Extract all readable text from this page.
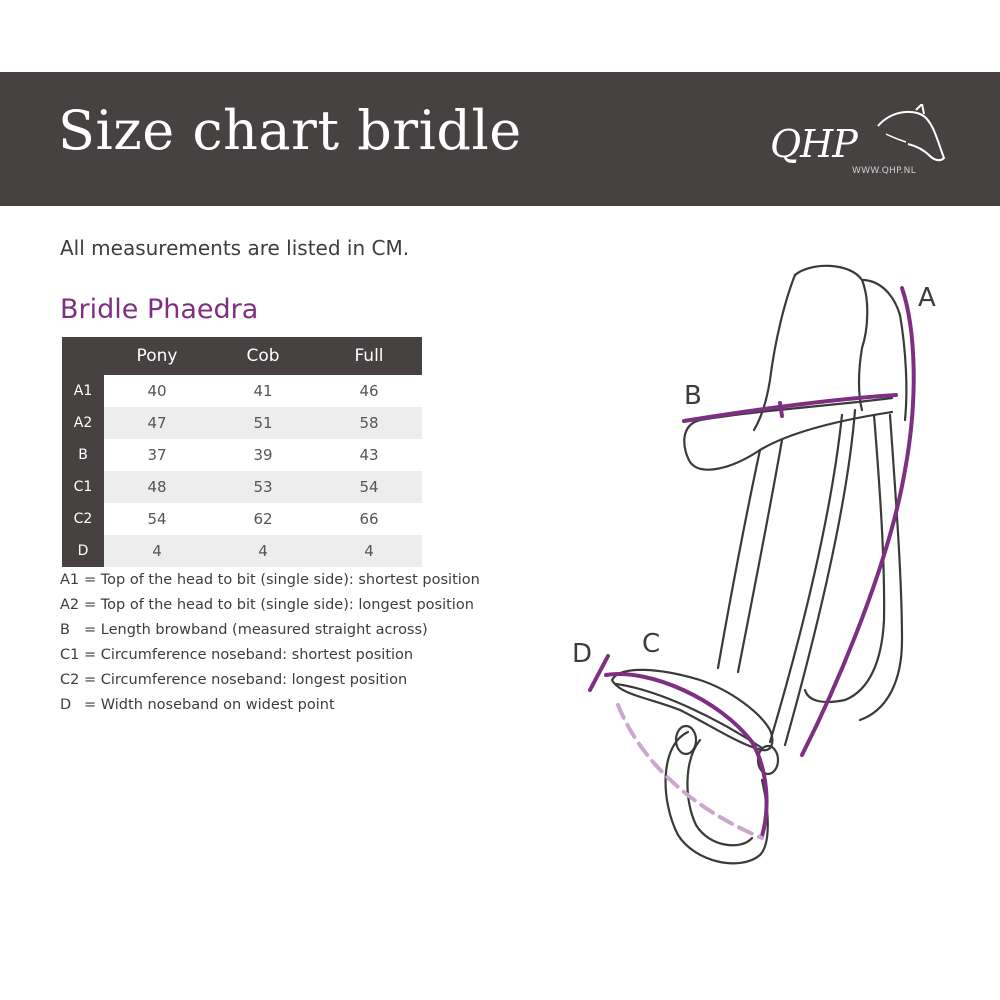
Size chart bridle	QHP
WWW.QHP.NL
All measurements are listed in CM.
Bridle Phaedra
	Pony	Cob	Full
A1	40	41	46
A2	47	51	58
B	37	39	43
C1	48	53	54
C2	54	62	66
D	4	4	4
A1 = Top of the head to bit (single side): shortest position
A2 = Top of the head to bit (single side): longest position
B = Length browband (measured straight across)
C1 = Circumference noseband: shortest position
C2 = Circumference noseband: longest position
D = Width noseband on widest point
A
B
C
D
